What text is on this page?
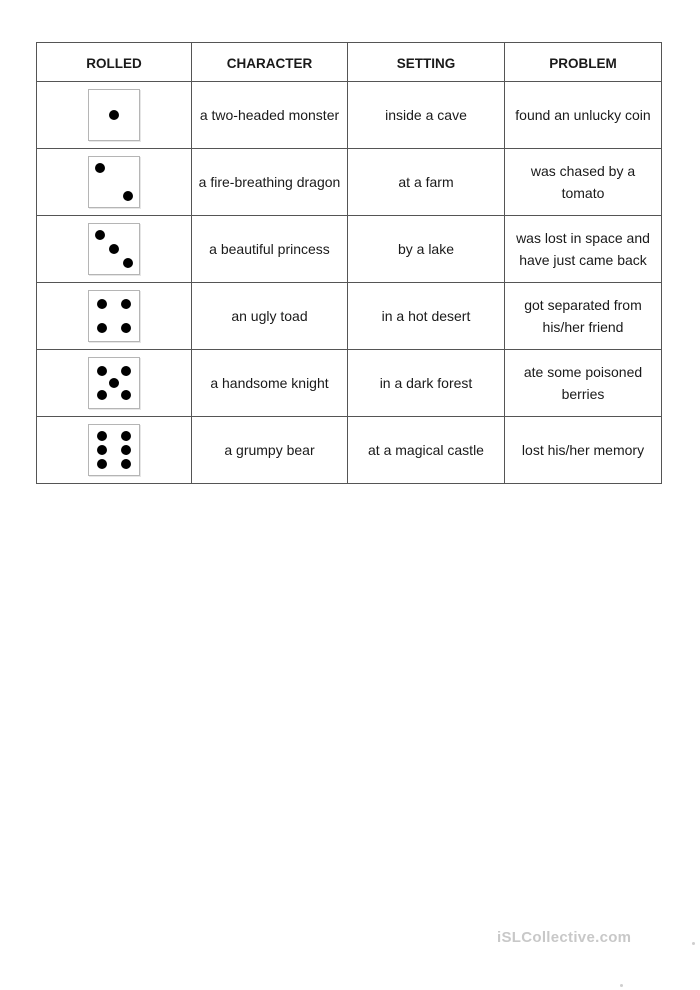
ROLLED	CHARACTER	SETTING	PROBLEM

	a two-headed monster	inside a cave	found an unlucky coin

	a fire-breathing dragon	at a farm	was chased by a tomato

	a beautiful princess	by a lake	was lost in space and have just came back

	an ugly toad	in a hot desert	got separated from his/her friend

	a handsome knight	in a dark forest	ate some poisoned berries

	a grumpy bear	at a magical castle	lost his/her memory
iSLCollective.com
